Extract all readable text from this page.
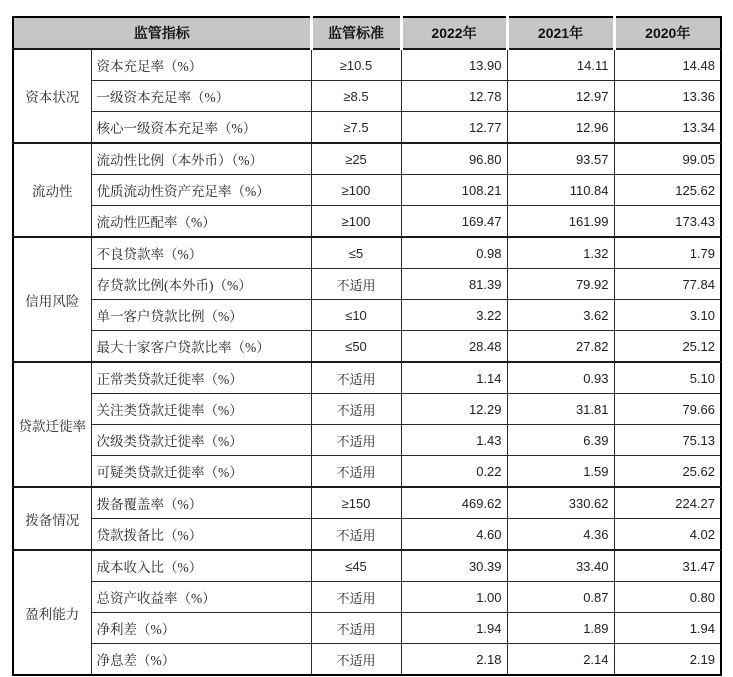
监管指标		监管标准	2022年	2021年	2020年
资本状况	资本充足率（%）	≥10.5	13.90	14.11	14.48
	一级资本充足率（%）	≥8.5	12.78	12.97	13.36
	核心一级资本充足率（%）	≥7.5	12.77	12.96	13.34
流动性	流动性比例（本外币）（%）	≥25	96.80	93.57	99.05
	优质流动性资产充足率（%）	≥100	108.21	110.84	125.62
	流动性匹配率（%）	≥100	169.47	161.99	173.43
信用风险	不良贷款率（%）	≤5	0.98	1.32	1.79
	存贷款比例(本外币)（%）	不适用	81.39	79.92	77.84
	单一客户贷款比例（%）	≤10	3.22	3.62	3.10
	最大十家客户贷款比率（%）	≤50	28.48	27.82	25.12
贷款迁徙率	正常类贷款迁徙率（%）	不适用	1.14	0.93	5.10
	关注类贷款迁徙率（%）	不适用	12.29	31.81	79.66
	次级类贷款迁徙率（%）	不适用	1.43	6.39	75.13
	可疑类贷款迁徙率（%）	不适用	0.22	1.59	25.62
拨备情况	拨备覆盖率（%）	≥150	469.62	330.62	224.27
	贷款拨备比（%）	不适用	4.60	4.36	4.02
盈利能力	成本收入比（%）	≤45	30.39	33.40	31.47
	总资产收益率（%）	不适用	1.00	0.87	0.80
	净利差（%）	不适用	1.94	1.89	1.94
	净息差（%）	不适用	2.18	2.14	2.19
